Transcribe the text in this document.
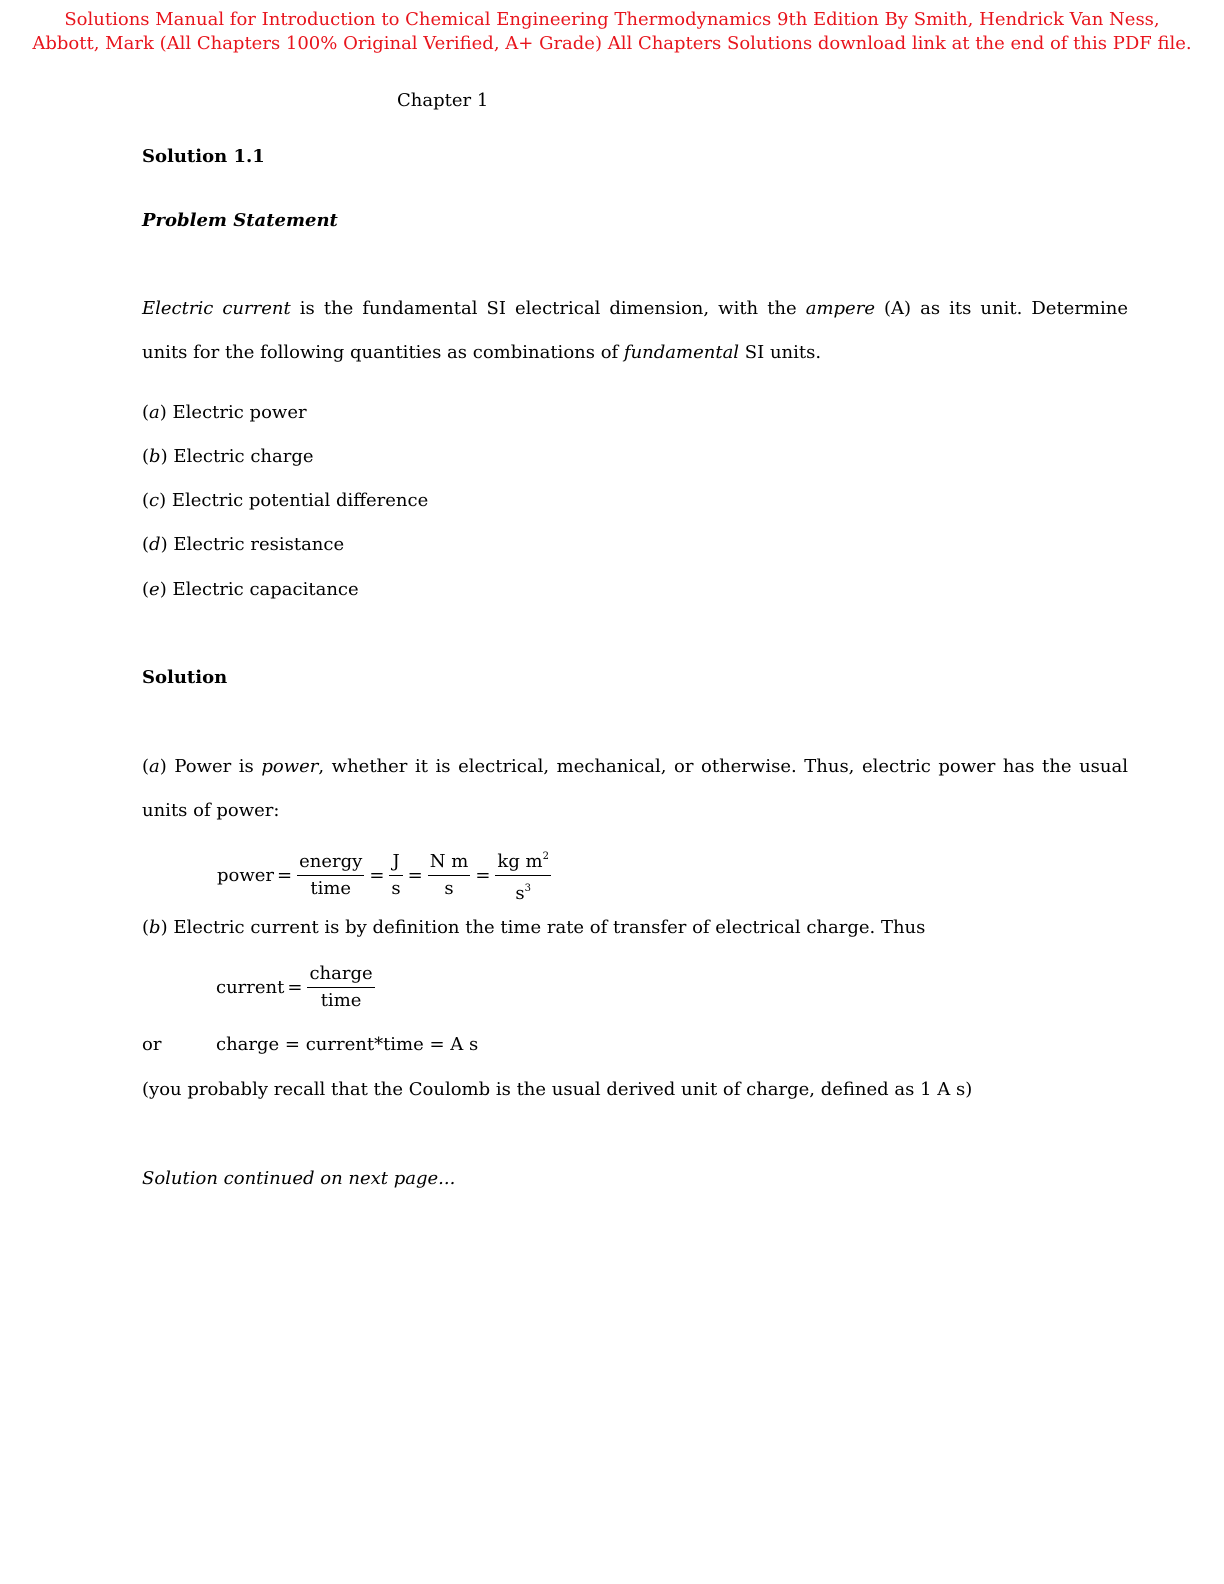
Solutions Manual for Introduction to Chemical Engineering Thermodynamics 9th Edition By Smith, Hendrick Van Ness, Abbott, Mark (All Chapters 100% Original Verified, A+ Grade) All Chapters Solutions download link at the end of this PDF file.
Chapter 1
Solution 1.1
Problem Statement
Electric current is the fundamental SI electrical dimension, with the ampere (A) as its unit. Determine units for the following quantities as combinations of fundamental SI units.
(a) Electric power
(b) Electric charge
(c) Electric potential difference
(d) Electric resistance
(e) Electric capacitance
Solution
(a) Power is power, whether it is electrical, mechanical, or otherwise. Thus, electric power has the usual units of power:
power = $\frac{\text{energy}}{\text{time}} = \frac{J}{s} = \frac{\text{N m}}{s} = \frac{kg m^2}{s^3}$
(b) Electric current is by definition the time rate of transfer of electrical charge. Thus
current = $\frac{\text{charge}}{\text{time}}$
or	charge = current*time = A s
(you probably recall that the Coulomb is the usual derived unit of charge, defined as 1 A s)
Solution continued on next page...
